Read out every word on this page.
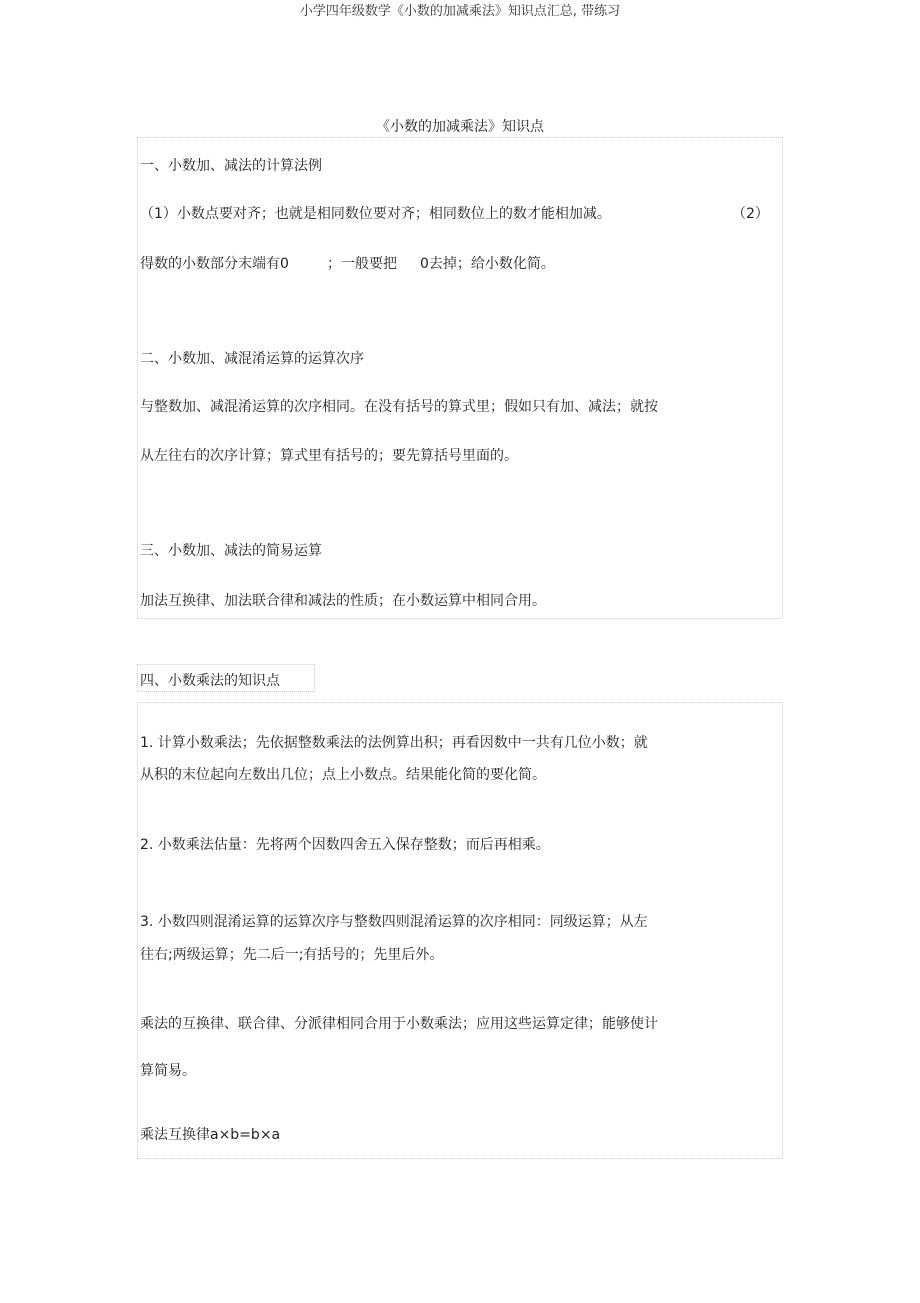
小学四年级数学《小数的加减乘法》知识点汇总, 带练习
《小数的加减乘法》知识点
一、小数加、减法的计算法例
（1）小数点要对齐；也就是相同数位要对齐；相同数位上的数才能相加减。	（2）
得数的小数部分末端有0	；一般要把 0去掉；给小数化简。
二、小数加、减混淆运算的运算次序
与整数加、减混淆运算的次序相同。在没有括号的算式里；假如只有加、减法；就按
从左往右的次序计算；算式里有括号的；要先算括号里面的。
三、小数加、减法的简易运算
加法互换律、加法联合律和减法的性质；在小数运算中相同合用。
四、小数乘法的知识点
1. 计算小数乘法；先依据整数乘法的法例算出积；再看因数中一共有几位小数；就
从积的末位起向左数出几位；点上小数点。结果能化简的要化简。
2. 小数乘法估量：先将两个因数四舍五入保存整数；而后再相乘。
3. 小数四则混淆运算的运算次序与整数四则混淆运算的次序相同：同级运算；从左
往右;两级运算；先二后一;有括号的；先里后外。
乘法的互换律、联合律、分派律相同合用于小数乘法；应用这些运算定律；能够使计
算简易。
乘法互换律a×b=b×a
